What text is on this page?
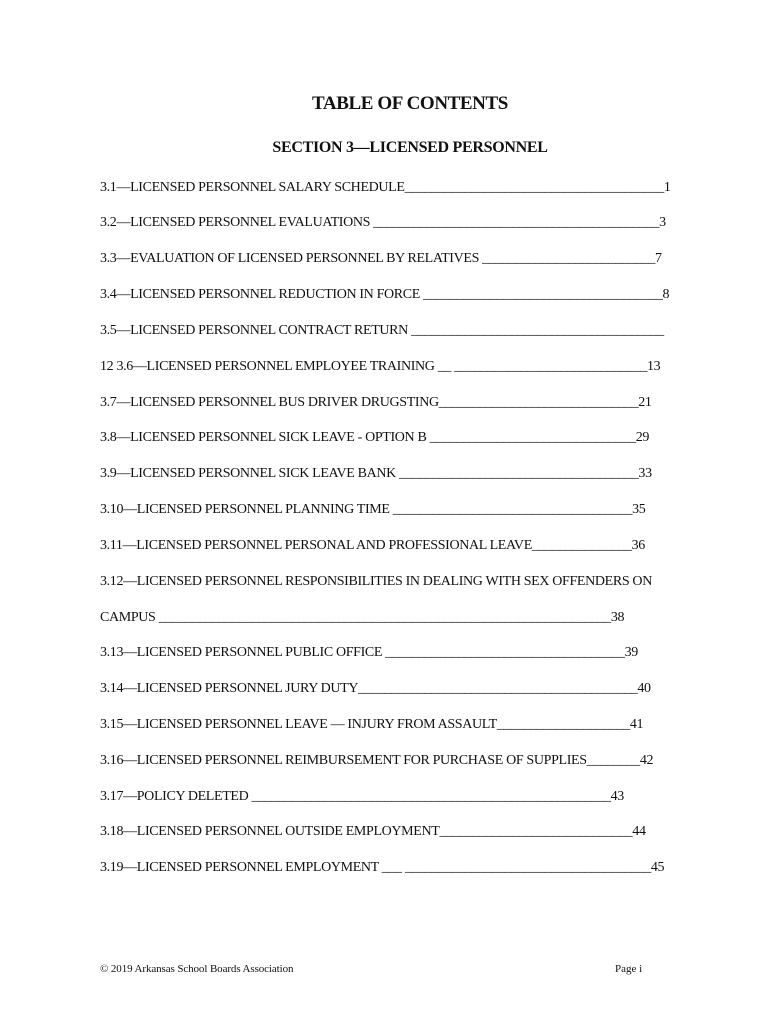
TABLE OF CONTENTS
SECTION 3—LICENSED PERSONNEL
3.1—LICENSED PERSONNEL SALARY SCHEDULE_______________________________________1
3.2—LICENSED PERSONNEL EVALUATIONS ___________________________________________3
3.3—EVALUATION OF LICENSED PERSONNEL BY RELATIVES __________________________7
3.4—LICENSED PERSONNEL REDUCTION IN FORCE ____________________________________8
3.5—LICENSED PERSONNEL CONTRACT RETURN ______________________________________
12 3.6—LICENSED PERSONNEL EMPLOYEE TRAINING __ _____________________________13
3.7—LICENSED PERSONNEL BUS DRIVER DRUGSTING______________________________21
3.8—LICENSED PERSONNEL SICK LEAVE - OPTION B _______________________________29
3.9—LICENSED PERSONNEL SICK LEAVE BANK ____________________________________33
3.10—LICENSED PERSONNEL PLANNING TIME ____________________________________35
3.11—LICENSED PERSONNEL PERSONAL AND PROFESSIONAL LEAVE_______________36
3.12—LICENSED PERSONNEL RESPONSIBILITIES IN DEALING WITH SEX OFFENDERS ON
CAMPUS ____________________________________________________________________38
3.13—LICENSED PERSONNEL PUBLIC OFFICE ____________________________________39
3.14—LICENSED PERSONNEL JURY DUTY__________________________________________40
3.15—LICENSED PERSONNEL LEAVE — INJURY FROM ASSAULT____________________41
3.16—LICENSED PERSONNEL REIMBURSEMENT FOR PURCHASE OF SUPPLIES________42
3.17—POLICY DELETED ______________________________________________________43
3.18—LICENSED PERSONNEL OUTSIDE EMPLOYMENT_____________________________44
3.19—LICENSED PERSONNEL EMPLOYMENT ___ _____________________________________45
© 2019 Arkansas School Boards Association	Page i
